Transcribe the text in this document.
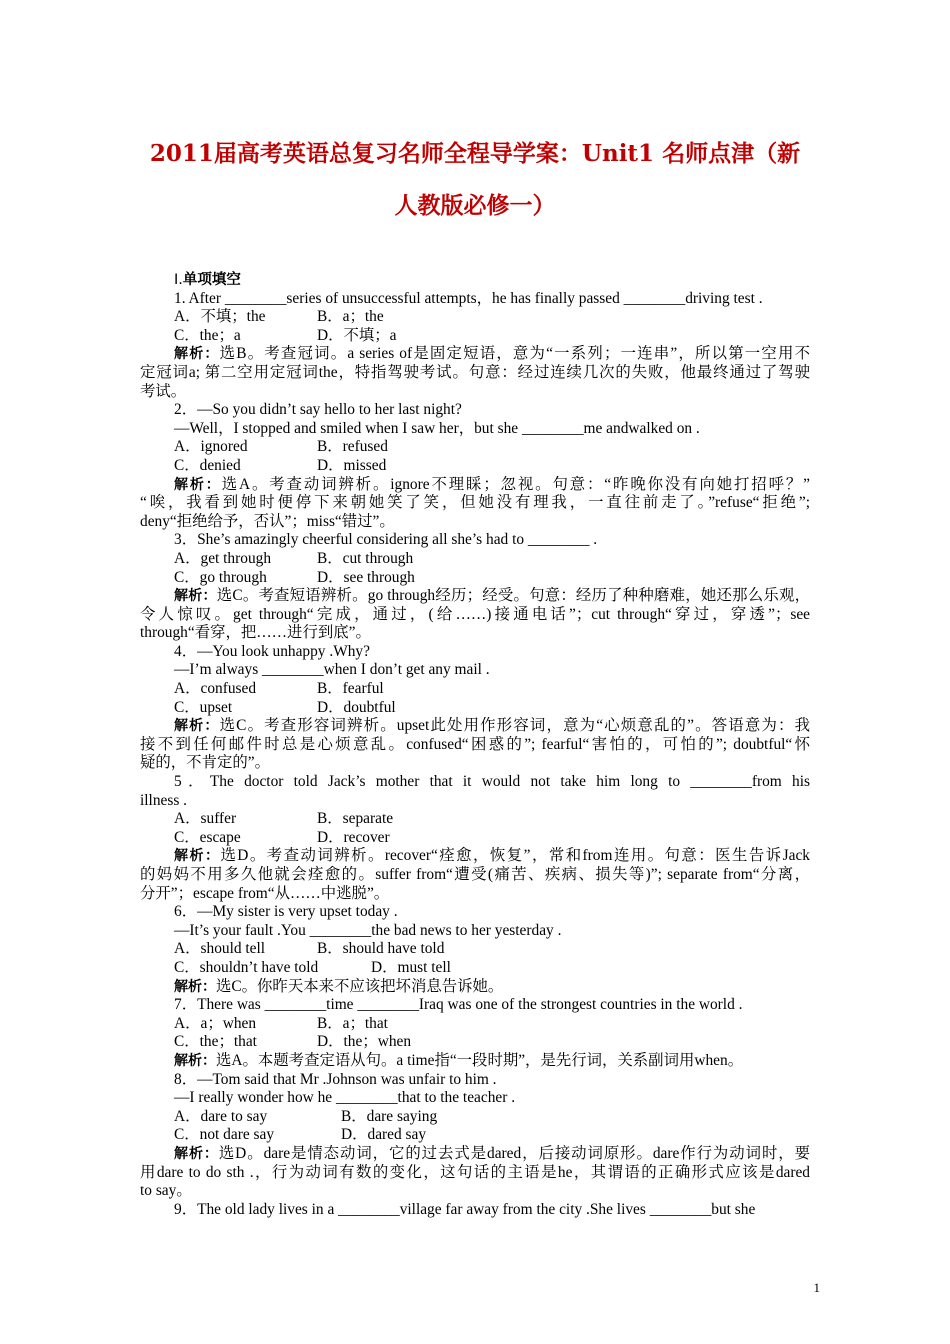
2011届高考英语总复习名师全程导学案：Unit1 名师点津（新
人教版必修一）
Ⅰ.单项填空
1. After ________series of unsuccessful attempts，he has finally passed ________driving test .
A．不填；the	B．a；the
C．the；a	D．不填；a
解析：选B。考查冠词。a series of是固定短语，意为“一系列；一连串”，所以第一空用不
定冠词a; 第二空用定冠词the，特指驾驶考试。句意：经过连续几次的失败，他最终通过了驾驶
考试。
2．—So you didn’t say hello to her last night?
—Well，I stopped and smiled when I saw her，but she ________me andwalked on .
A．ignored	B．refused
C．denied	D．missed
解析：选A。考查动词辨析。ignore不理睬；忽视。句意：“昨晚你没有向她打招呼？”
“唉，我看到她时便停下来朝她笑了笑，但她没有理我，一直往前走了。”refuse“拒绝”;
deny“拒绝给予，否认”；miss“错过”。
3．She’s amazingly cheerful considering all she’s had to ________ .
A．get through	B．cut through
C．go through	D．see through
解析：选C。考查短语辨析。go through经历；经受。句意：经历了种种磨难，她还那么乐观，
令人惊叹。get through“完成，通过，(给……)接通电话”；cut through“穿过，穿透”；see
through“看穿，把……进行到底”。
4．—You look unhappy .Why?
—I’m always ________when I don’t get any mail .
A．confused	B．fearful
C．upset	D．doubtful
解析：选C。考查形容词辨析。upset此处用作形容词，意为“心烦意乱的”。答语意为：我
接不到任何邮件时总是心烦意乱。confused“困惑的”; fearful“害怕的，可怕的”; doubtful“怀
疑的，不肯定的”。
5．The doctor told Jack’s mother that it would not take him long to ________from his
illness .
A．suffer	B．separate
C．escape	D．recover
解析：选D。考查动词辨析。recover“痊愈，恢复”，常和from连用。句意：医生告诉Jack
的妈妈不用多久他就会痊愈的。suffer from“遭受(痛苦、疾病、损失等)”; separate from“分离，
分开”；escape from“从……中逃脱”。
6．—My sister is very upset today .
—It’s your fault .You ________the bad news to her yesterday .
A．should tell	B．should have told
C．shouldn’t have told	D．must tell
解析：选C。你昨天本来不应该把坏消息告诉她。
7．There was ________time ________Iraq was one of the strongest countries in the world .
A．a；when	B．a；that
C．the；that	D．the；when
解析：选A。本题考查定语从句。a time指“一段时期”，是先行词，关系副词用when。
8．—Tom said that Mr .Johnson was unfair to him .
—I really wonder how he ________that to the teacher .
A．dare to say	B．dare saying
C．not dare say	D．dared say
解析：选D。dare是情态动词，它的过去式是dared，后接动词原形。dare作行为动词时，要
用dare to do sth .，行为动词有数的变化，这句话的主语是he，其谓语的正确形式应该是dared
to say。
9．The old lady lives in a ________village far away from the city .She lives ________but she
1
